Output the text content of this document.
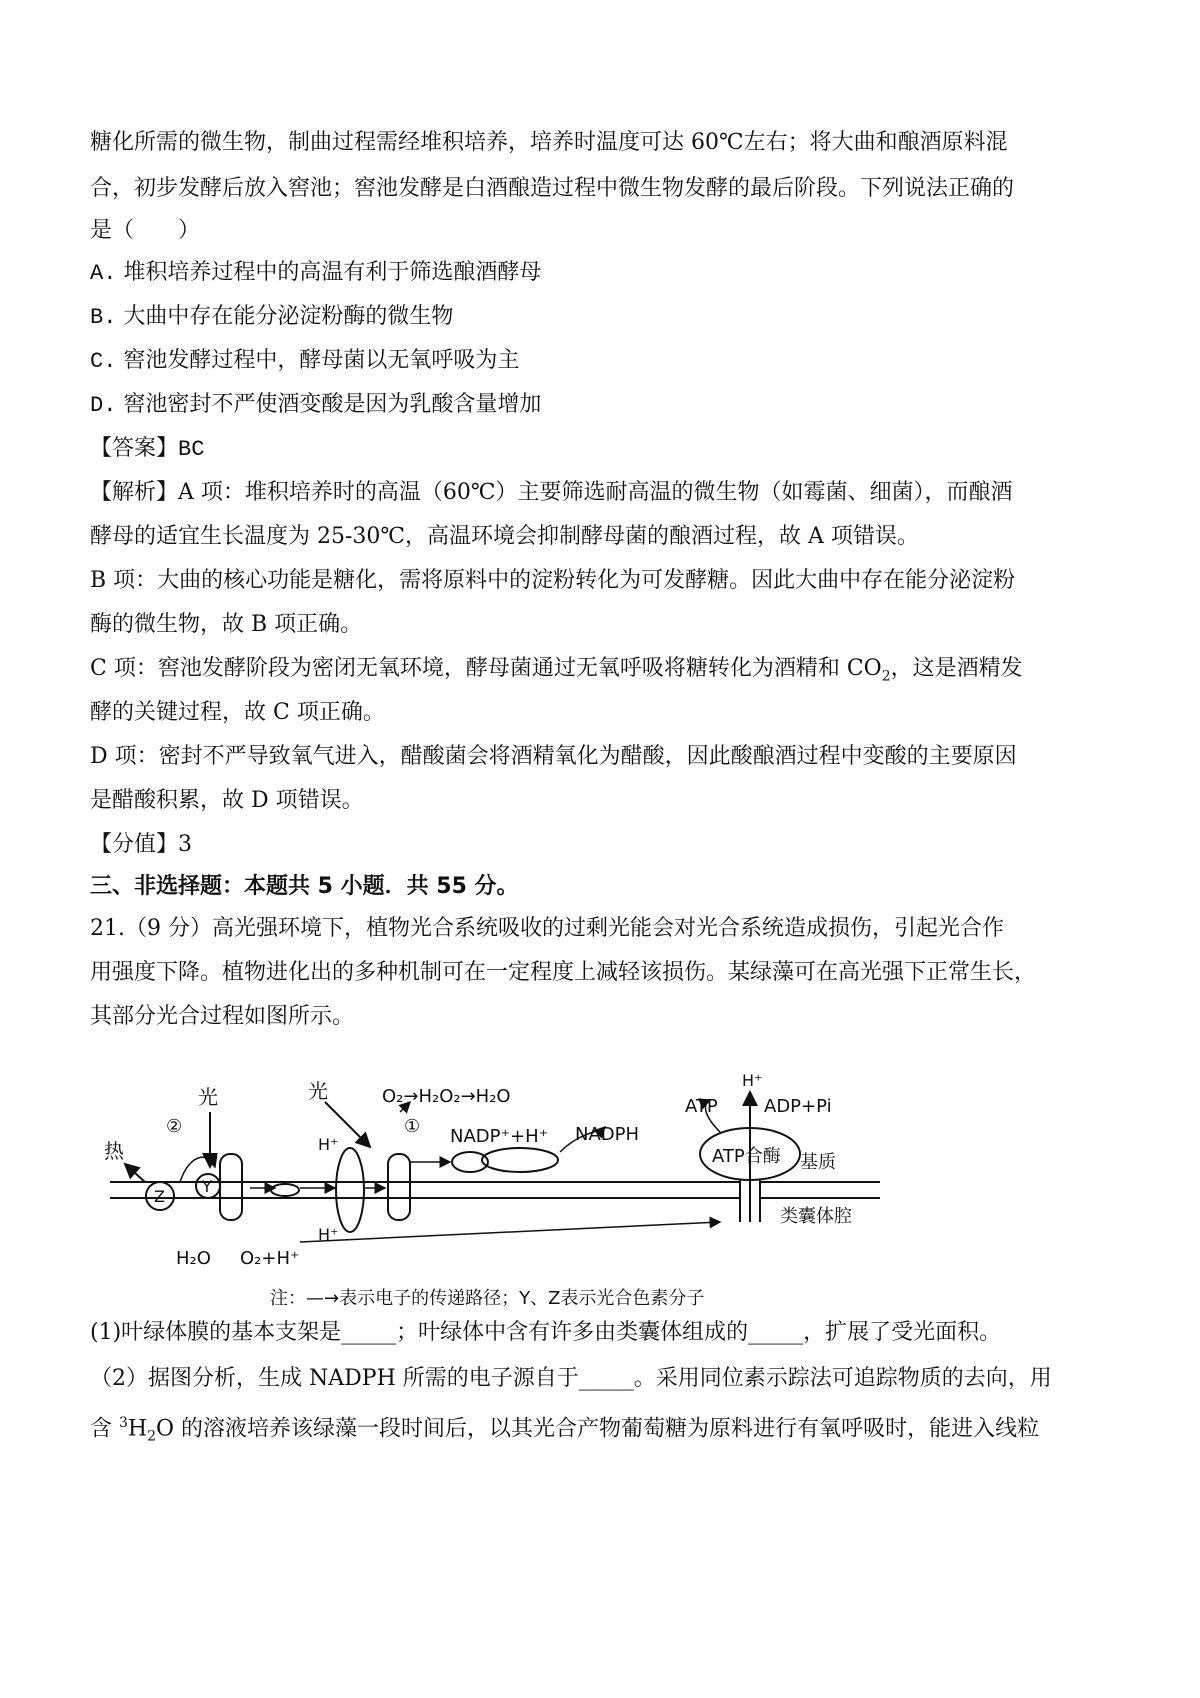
糖化所需的微生物，制曲过程需经堆积培养，培养时温度可达 60℃左右；将大曲和酿酒原料混
合，初步发酵后放入窖池；窖池发酵是白酒酿造过程中微生物发酵的最后阶段。下列说法正确的
是（　　）
A. 堆积培养过程中的高温有利于筛选酿酒酵母
B. 大曲中存在能分泌淀粉酶的微生物
C. 窖池发酵过程中，酵母菌以无氧呼吸为主
D. 窖池密封不严使酒变酸是因为乳酸含量增加
【答案】BC
【解析】A 项：堆积培养时的高温（60℃）主要筛选耐高温的微生物（如霉菌、细菌），而酿酒
酵母的适宜生长温度为 25-30℃，高温环境会抑制酵母菌的酿酒过程，故 A 项错误。
B 项：大曲的核心功能是糖化，需将原料中的淀粉转化为可发酵糖。因此大曲中存在能分泌淀粉
酶的微生物，故 B 项正确。
C 项：窖池发酵阶段为密闭无氧环境，酵母菌通过无氧呼吸将糖转化为酒精和 $CO_2$，这是酒精发
酵的关键过程，故 C 项正确。
D 项：密封不严导致氧气进入，醋酸菌会将酒精氧化为醋酸，因此酸酿酒过程中变酸的主要原因
是醋酸积累，故 D 项错误。
【分值】3
三、非选择题：本题共 5 小题．共 55 分。
21.（9 分）高光强环境下，植物光合系统吸收的过剩光能会对光合系统造成损伤，引起光合作
用强度下降。植物进化出的多种机制可在一定程度上减轻该损伤。某绿藻可在高光强下正常生长，
其部分光合过程如图所示。
热
光	光
②	①
Z
Y
O₂→H₂O₂→H₂O
NADP⁺+H⁺ NADPH
H⁺
H⁺
H⁺
ATP	ADP+Pi
ATP合酶 基质
类囊体腔
H₂O O₂+H⁺
注：—→表示电子的传递路径；Y、Z表示光合色素分子
(1)叶绿体膜的基本支架是_____；叶绿体中含有许多由类囊体组成的_____，扩展了受光面积。
（2）据图分析，生成 NADPH 所需的电子源自于_____。采用同位素示踪法可追踪物质的去向，用
含 $^3H_2O$ 的溶液培养该绿藻一段时间后，以其光合产物葡萄糖为原料进行有氧呼吸时，能进入线粒
